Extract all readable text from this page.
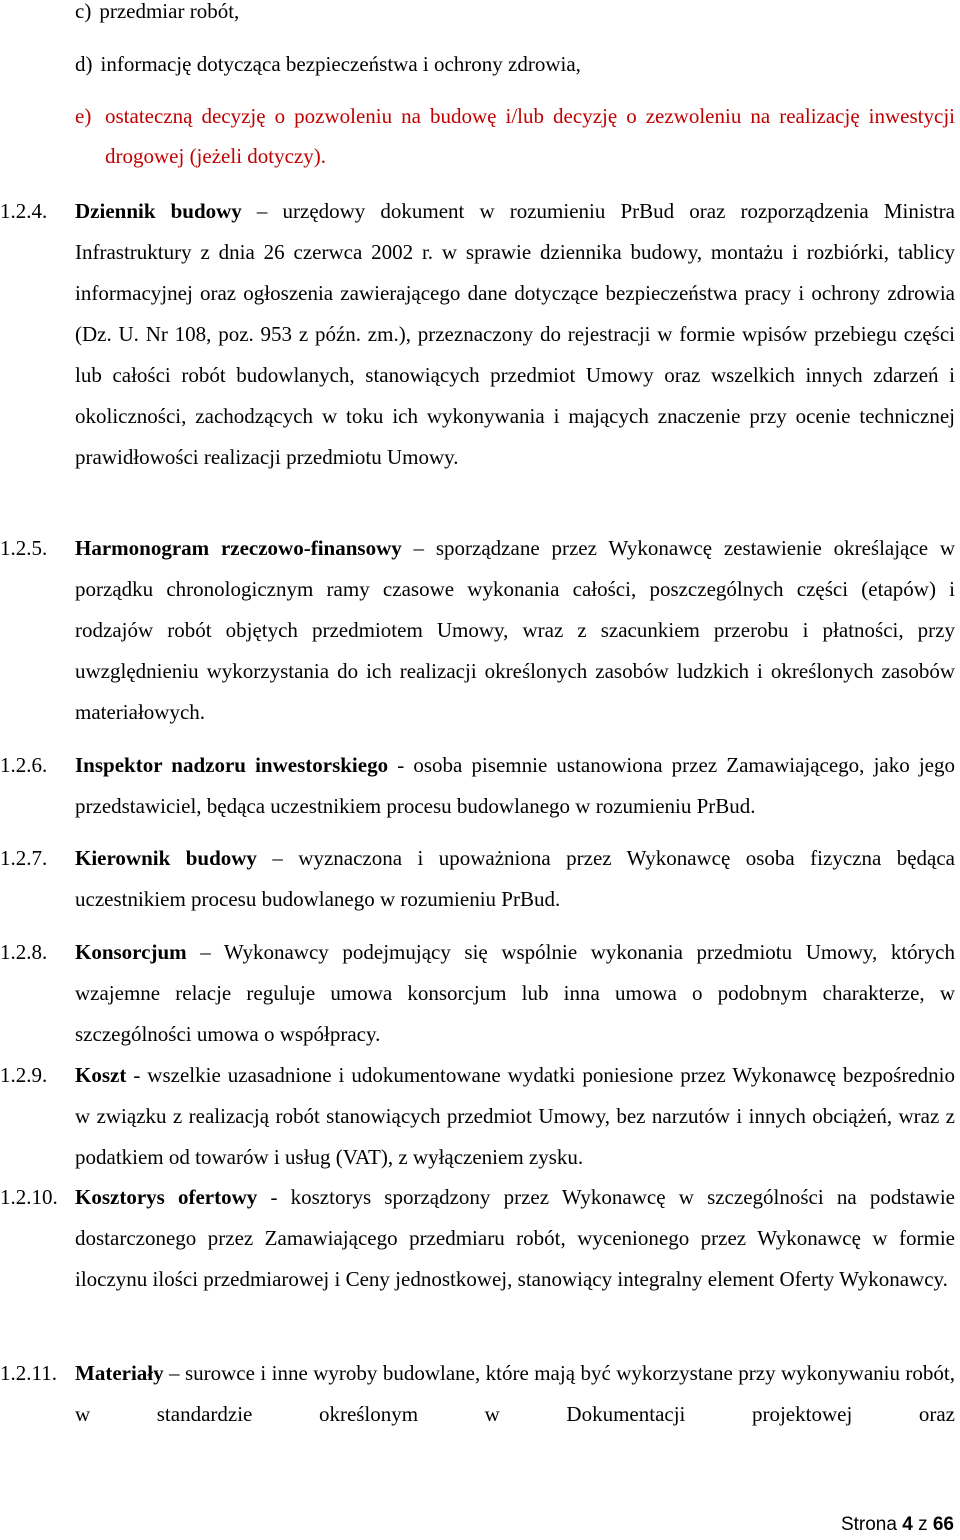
c) przedmiar robót,
d) informację dotycząca bezpieczeństwa i ochrony zdrowia,
e) ostateczną decyzję o pozwoleniu na budowę i/lub decyzję o zezwoleniu na realizację inwestycji drogowej (jeżeli dotyczy).
1.2.4.	Dziennik budowy – urzędowy dokument w rozumieniu PrBud oraz rozporządzenia Ministra Infrastruktury z dnia 26 czerwca 2002 r. w sprawie dziennika budowy, montażu i rozbiórki, tablicy informacyjnej oraz ogłoszenia zawierającego dane dotyczące bezpieczeństwa pracy i ochrony zdrowia (Dz. U. Nr 108, poz. 953 z późn. zm.), przeznaczony do rejestracji w formie wpisów przebiegu części lub całości robót budowlanych, stanowiących przedmiot Umowy oraz wszelkich innych zdarzeń i okoliczności, zachodzących w toku ich wykonywania i mających znaczenie przy ocenie technicznej prawidłowości realizacji przedmiotu Umowy.
1.2.5.	Harmonogram rzeczowo-finansowy – sporządzane przez Wykonawcę zestawienie określające w porządku chronologicznym ramy czasowe wykonania całości, poszczególnych części (etapów) i rodzajów robót objętych przedmiotem Umowy, wraz z szacunkiem przerobu i płatności, przy uwzględnieniu wykorzystania do ich realizacji określonych zasobów ludzkich i określonych zasobów materiałowych.
1.2.6.	Inspektor nadzoru inwestorskiego - osoba pisemnie ustanowiona przez Zamawiającego, jako jego przedstawiciel, będąca uczestnikiem procesu budowlanego w rozumieniu PrBud.
1.2.7.	Kierownik budowy – wyznaczona i upoważniona przez Wykonawcę osoba fizyczna będąca uczestnikiem procesu budowlanego w rozumieniu PrBud.
1.2.8.	Konsorcjum – Wykonawcy podejmujący się wspólnie wykonania przedmiotu Umowy, których wzajemne relacje reguluje umowa konsorcjum lub inna umowa o podobnym charakterze, w szczególności umowa o współpracy.
1.2.9.	Koszt - wszelkie uzasadnione i udokumentowane wydatki poniesione przez Wykonawcę bezpośrednio w związku z realizacją robót stanowiących przedmiot Umowy, bez narzutów i innych obciążeń, wraz z podatkiem od towarów i usług (VAT), z wyłączeniem zysku.
1.2.10. Kosztorys ofertowy - kosztorys sporządzony przez Wykonawcę w szczególności na podstawie dostarczonego przez Zamawiającego przedmiaru robót, wycenionego przez Wykonawcę w formie iloczynu ilości przedmiarowej i Ceny jednostkowej, stanowiący integralny element Oferty Wykonawcy.
1.2.11. Materiały – surowce i inne wyroby budowlane, które mają być wykorzystane przy wykonywaniu robót, w standardzie określonym w Dokumentacji projektowej oraz
Strona 4 z 66
